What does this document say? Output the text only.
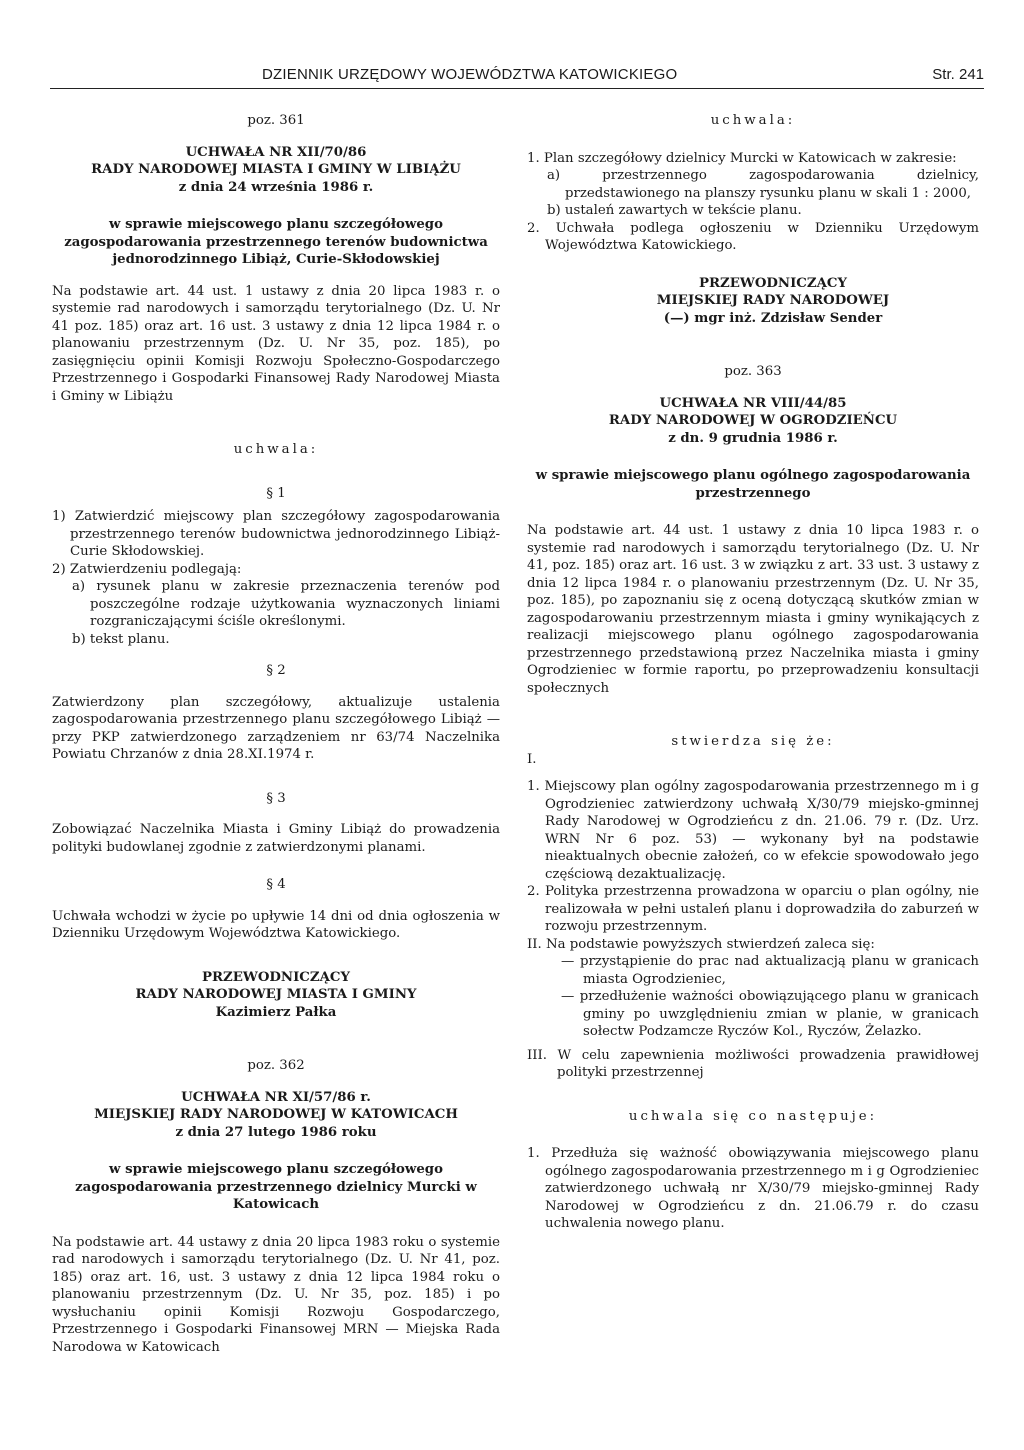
DZIENNIK URZĘDOWY WOJEWÓDZTWA KATOWICKIEGO	Str. 241

poz. 361

UCHWAŁA NR XII/70/86

RADY NARODOWEJ MIASTA I GMINY W LIBIĄŻU

z dnia 24 września 1986 r.

w sprawie miejscowego planu szczegółowego zagospodarowania przestrzennego terenów budownictwa jednorodzinnego Libiąż, Curie-Skłodowskiej

Na podstawie art. 44 ust. 1 ustawy z dnia 20 lipca 1983 r. o systemie rad narodowych i samorządu terytorialnego (Dz. U. Nr 41 poz. 185) oraz art. 16 ust. 3 ustawy z dnia 12 lipca 1984 r. o planowaniu przestrzennym (Dz. U. Nr 35, poz. 185), po zasięgnięciu opinii Komisji Rozwoju Społeczno-Gospodarczego Przestrzennego i Gospodarki Finansowej Rady Narodowej Miasta i Gminy w Libiążu

uchwala:

§ 1

1) Zatwierdzić miejscowy plan szczegółowy zagospodarowania przestrzennego terenów budownictwa jednorodzinnego Libiąż-Curie Skłodowskiej.

2) Zatwierdzeniu podlegają:

a) rysunek planu w zakresie przeznaczenia terenów pod poszczególne rodzaje użytkowania wyznaczonych liniami rozgraniczającymi ściśle określonymi.

b) tekst planu.

§ 2

Zatwierdzony plan szczegółowy, aktualizuje ustalenia zagospodarowania przestrzennego planu szczegółowego Libiąż — przy PKP zatwierdzonego zarządzeniem nr 63/74 Naczelnika Powiatu Chrzanów z dnia 28.XI.1974 r.

§ 3

Zobowiązać Naczelnika Miasta i Gminy Libiąż do prowadzenia polityki budowlanej zgodnie z zatwierdzonymi planami.

§ 4

Uchwała wchodzi w życie po upływie 14 dni od dnia ogłoszenia w Dzienniku Urzędowym Województwa Katowickiego.

PRZEWODNICZĄCY

RADY NARODOWEJ MIASTA I GMINY

Kazimierz Pałka

poz. 362

UCHWAŁA NR XI/57/86 r.

MIEJSKIEJ RADY NARODOWEJ W KATOWICACH

z dnia 27 lutego 1986 roku

w sprawie miejscowego planu szczegółowego zagospodarowania przestrzennego dzielnicy Murcki w Katowicach

Na podstawie art. 44 ustawy z dnia 20 lipca 1983 roku o systemie rad narodowych i samorządu terytorialnego (Dz. U. Nr 41, poz. 185) oraz art. 16, ust. 3 ustawy z dnia 12 lipca 1984 roku o planowaniu przestrzennym (Dz. U. Nr 35, poz. 185) i po wysłuchaniu opinii Komisji Rozwoju Gospodarczego, Przestrzennego i Gospodarki Finansowej MRN — Miejska Rada Narodowa w Katowicach

uchwala:

1. Plan szczegółowy dzielnicy Murcki w Katowicach w zakresie:

a) przestrzennego zagospodarowania dzielnicy, przedstawionego na planszy rysunku planu w skali 1 : 2000,

b) ustaleń zawartych w tekście planu.

2. Uchwała podlega ogłoszeniu w Dzienniku Urzędowym Województwa Katowickiego.

PRZEWODNICZĄCY

MIEJSKIEJ RADY NARODOWEJ

(—) mgr inż. Zdzisław Sender

poz. 363

UCHWAŁA NR VIII/44/85

RADY NARODOWEJ W OGRODZIEŃCU

z dn. 9 grudnia 1986 r.

w sprawie miejscowego planu ogólnego zagospodarowania przestrzennego

Na podstawie art. 44 ust. 1 ustawy z dnia 10 lipca 1983 r. o systemie rad narodowych i samorządu terytorialnego (Dz. U. Nr 41, poz. 185) oraz art. 16 ust. 3 w związku z art. 33 ust. 3 ustawy z dnia 12 lipca 1984 r. o planowaniu przestrzennym (Dz. U. Nr 35, poz. 185), po zapoznaniu się z oceną dotyczącą skutków zmian w zagospodarowaniu przestrzennym miasta i gminy wynikających z realizacji miejscowego planu ogólnego zagospodarowania przestrzennego przedstawioną przez Naczelnika miasta i gminy Ogrodzieniec w formie raportu, po przeprowadzeniu konsultacji społecznych

stwierdza się że:

I.

1. Miejscowy plan ogólny zagospodarowania przestrzennego m i g Ogrodzieniec zatwierdzony uchwałą X/30/79 miejsko-gminnej Rady Narodowej w Ogrodzieńcu z dn. 21.06. 79 r. (Dz. Urz. WRN Nr 6 poz. 53) — wykonany był na podstawie nieaktualnych obecnie założeń, co w efekcie spowodowało jego częściową dezaktualizację.

2. Polityka przestrzenna prowadzona w oparciu o plan ogólny, nie realizowała w pełni ustaleń planu i doprowadziła do zaburzeń w rozwoju przestrzennym.

II. Na podstawie powyższych stwierdzeń zaleca się:

— przystąpienie do prac nad aktualizacją planu w granicach miasta Ogrodzieniec,

— przedłużenie ważności obowiązującego planu w granicach gminy po uwzględnieniu zmian w planie, w granicach sołectw Podzamcze Ryczów Kol., Ryczów, Żelazko.

III. W celu zapewnienia możliwości prowadzenia prawidłowej polityki przestrzennej

uchwala się co następuje:

1. Przedłuża się ważność obowiązywania miejscowego planu ogólnego zagospodarowania przestrzennego m i g Ogrodzieniec zatwierdzonego uchwałą nr X/30/79 miejsko-gminnej Rady Narodowej w Ogrodzieńcu z dn. 21.06.79 r. do czasu uchwalenia nowego planu.
